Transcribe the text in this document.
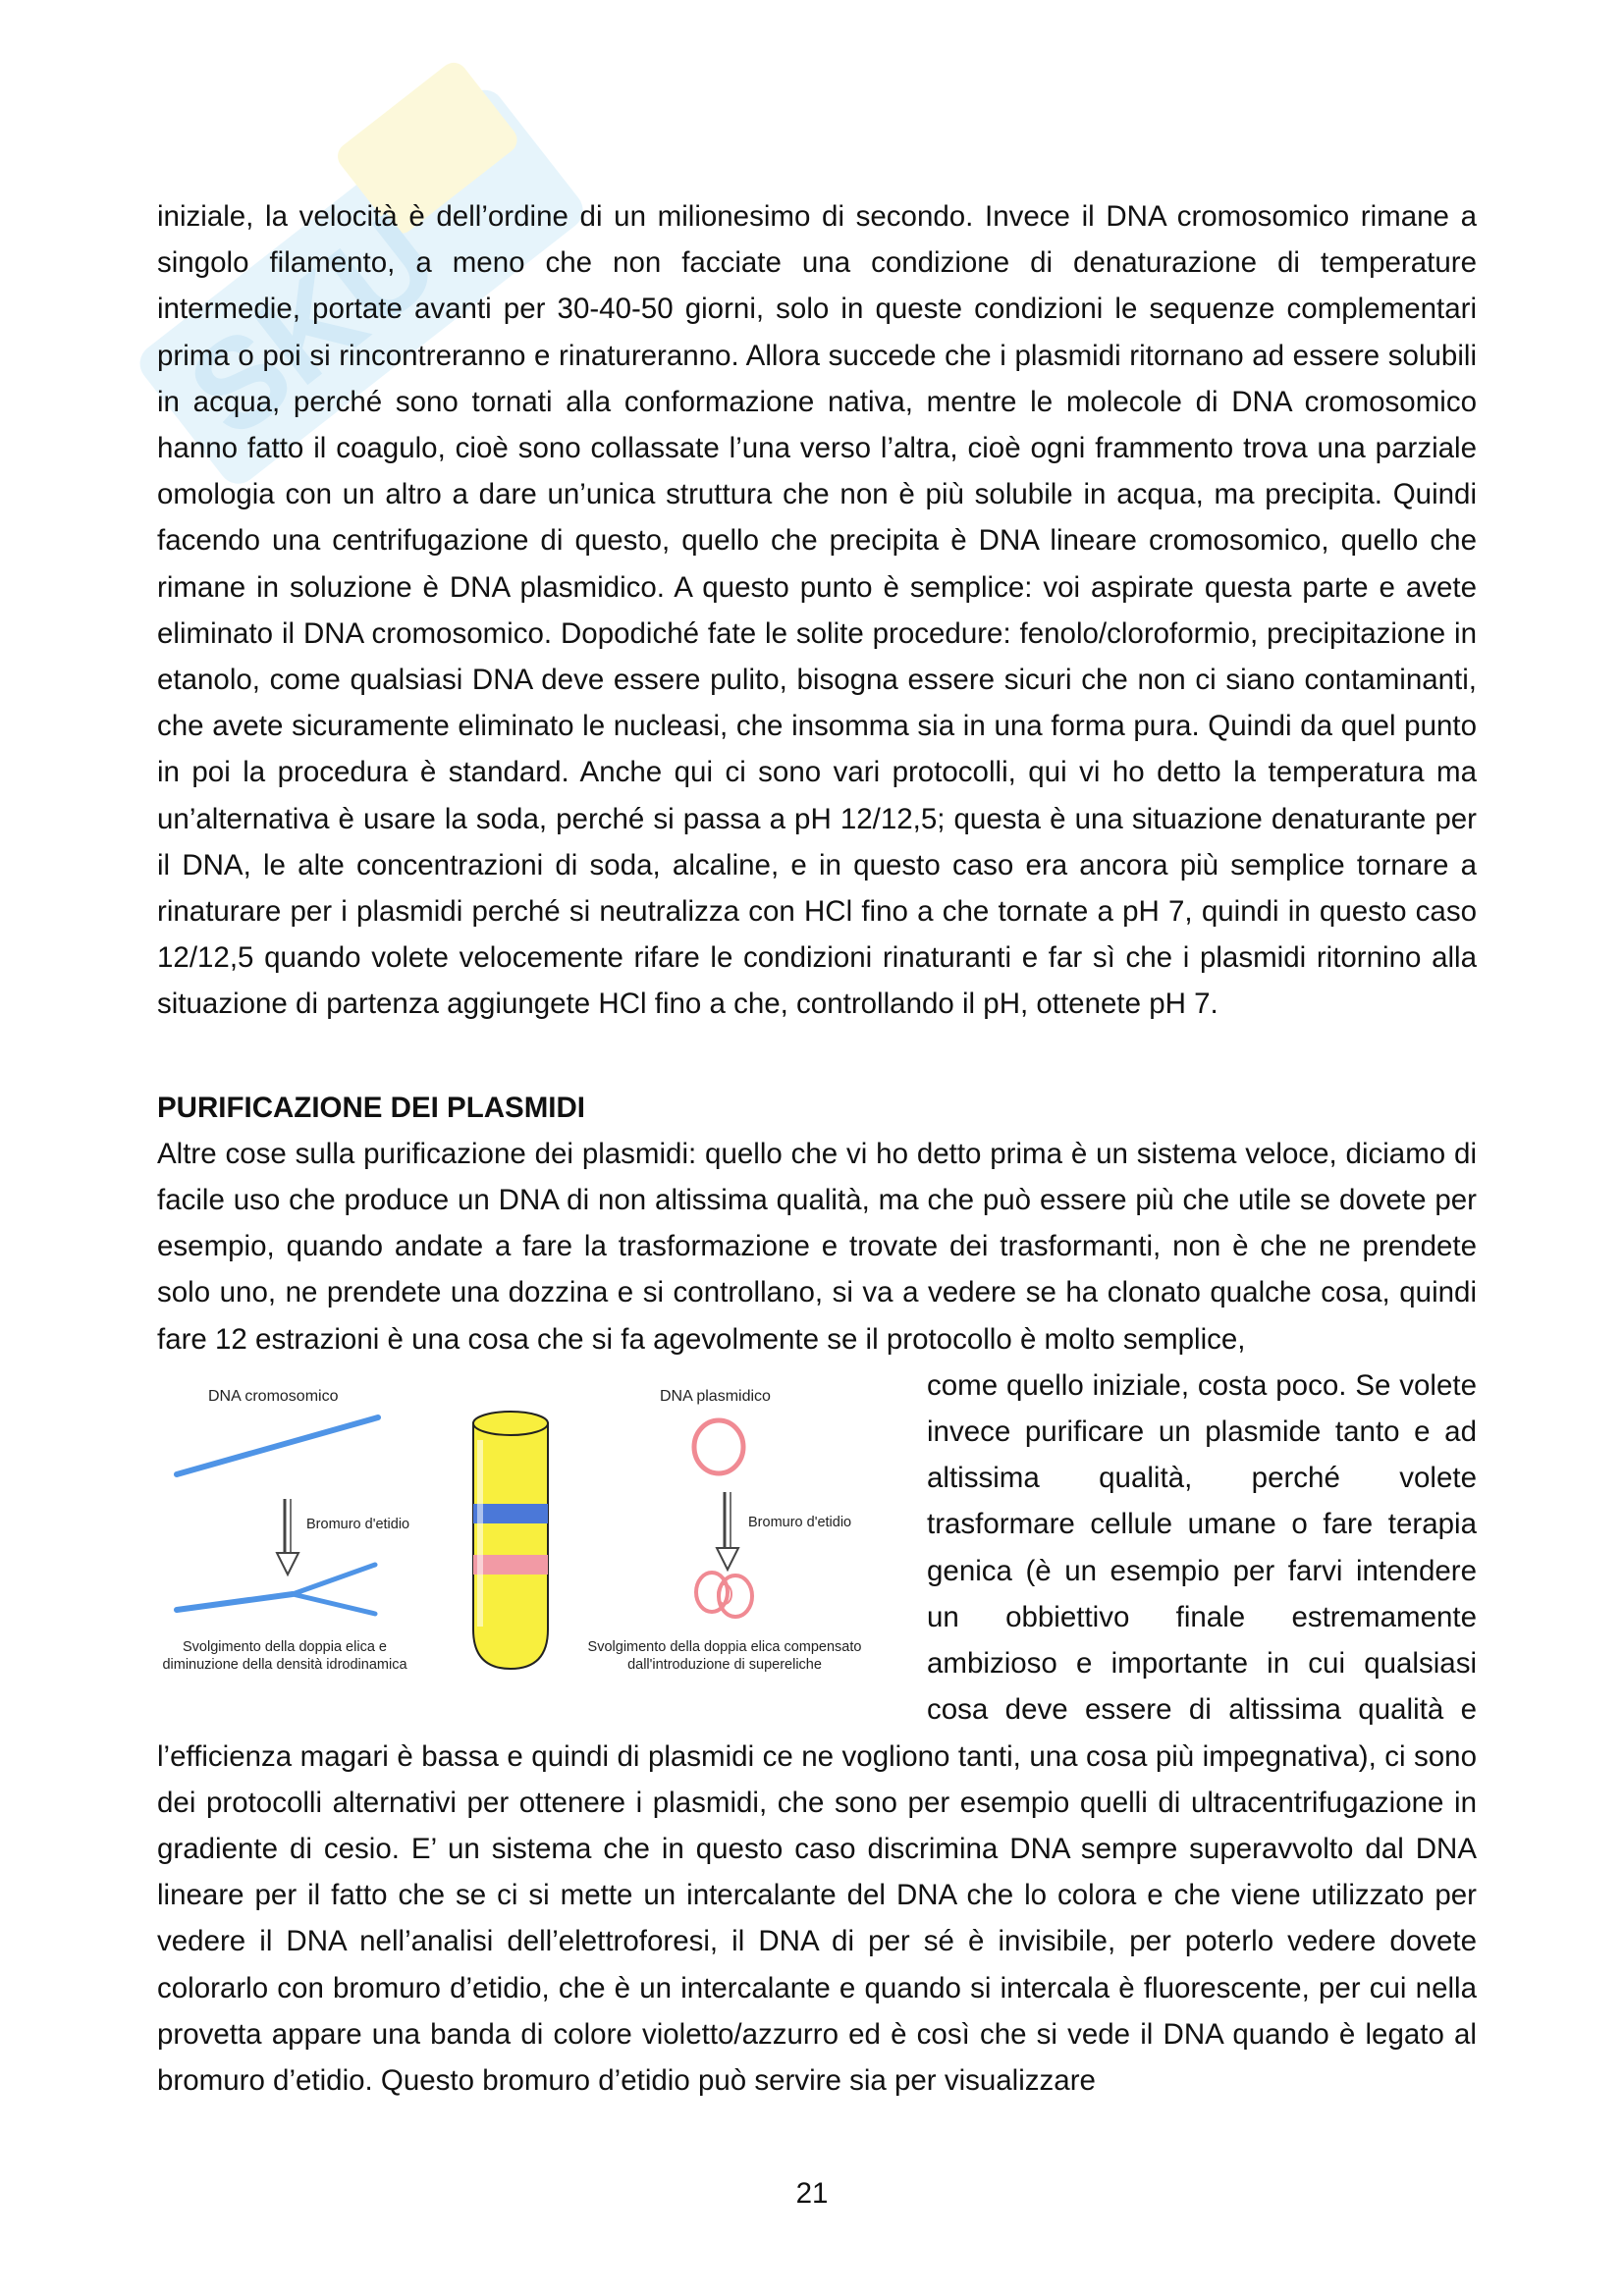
SKU

iniziale, la velocità è dell’ordine di un milionesimo di secondo. Invece il DNA cromosomico rimane a singolo filamento, a meno che non facciate una condizione di denaturazione di temperature intermedie, portate avanti per 30-40-50 giorni, solo in queste condizioni le sequenze complementari prima o poi si rincontreranno e rinatureranno. Allora succede che i plasmidi ritornano ad essere solubili in acqua, perché sono tornati alla conformazione nativa, mentre le molecole di DNA cromosomico hanno fatto il coagulo, cioè sono collassate l’una verso l’altra, cioè ogni frammento trova una parziale omologia con un altro a dare un’unica struttura che non è più solubile in acqua, ma precipita. Quindi facendo una centrifugazione di questo, quello che precipita è DNA lineare cromosomico, quello che rimane in soluzione è DNA plasmidico. A questo punto è semplice: voi aspirate questa parte e avete eliminato il DNA cromosomico. Dopodiché fate le solite procedure: fenolo/cloroformio, precipitazione in etanolo, come qualsiasi DNA deve essere pulito, bisogna essere sicuri che non ci siano contaminanti, che avete sicuramente eliminato le nucleasi, che insomma sia in una forma pura. Quindi da quel punto in poi la procedura è standard. Anche qui ci sono vari protocolli, qui vi ho detto la temperatura ma un’alternativa è usare la soda, perché si passa a pH 12/12,5; questa è una situazione denaturante per il DNA, le alte concentrazioni di soda, alcaline, e in questo caso era ancora più semplice tornare a rinaturare per i plasmidi perché si neutralizza con HCl fino a che tornate a pH 7, quindi in questo caso 12/12,5 quando volete velocemente rifare le condizioni rinaturanti e far sì che i plasmidi ritornino alla situazione di partenza aggiungete HCl fino a che, controllando il pH, ottenete pH 7.

PURIFICAZIONE DEI PLASMIDI

Altre cose sulla purificazione dei plasmidi: quello che vi ho detto prima è un sistema veloce, diciamo di facile uso che produce un DNA di non altissima qualità, ma che può essere più che utile se dovete per esempio, quando andate a fare la trasformazione e trovate dei trasformanti, non è che ne prendete solo uno, ne prendete una dozzina e si controllano, si va a vedere se ha clonato qualche cosa, quindi fare 12 estrazioni è una cosa che si fa agevolmente se il protocollo è molto semplice,

DNA cromosomico
Bromuro d'etidio
Svolgimento della doppia elica e
diminuzione della densità idrodinamica
DNA plasmidico
Bromuro d'etidio
Svolgimento della doppia elica compensato
dall'introduzione di supereliche

come quello iniziale, costa poco. Se volete invece purificare un plasmide tanto e ad altissima qualità, perché volete trasformare cellule umane o fare terapia genica (è un esempio per farvi intendere un obbiettivo finale estremamente ambizioso e importante in cui qualsiasi cosa deve essere di altissima qualità e l’efficienza magari è bassa e quindi di plasmidi ce ne vogliono tanti, una cosa più impegnativa), ci sono dei protocolli alternativi per ottenere i plasmidi, che sono per esempio quelli di ultracentrifugazione in gradiente di cesio. E’ un sistema che in questo caso discrimina DNA sempre superavvolto dal DNA lineare per il fatto che se ci si mette un intercalante del DNA che lo colora e che viene utilizzato per vedere il DNA nell’analisi dell’elettroforesi, il DNA di per sé è invisibile, per poterlo vedere dovete colorarlo con bromuro d’etidio, che è un intercalante e quando si intercala è fluorescente, per cui nella provetta appare una banda di colore violetto/azzurro ed è così che si vede il DNA quando è legato al bromuro d’etidio. Questo bromuro d’etidio può servire sia per visualizzare

21
